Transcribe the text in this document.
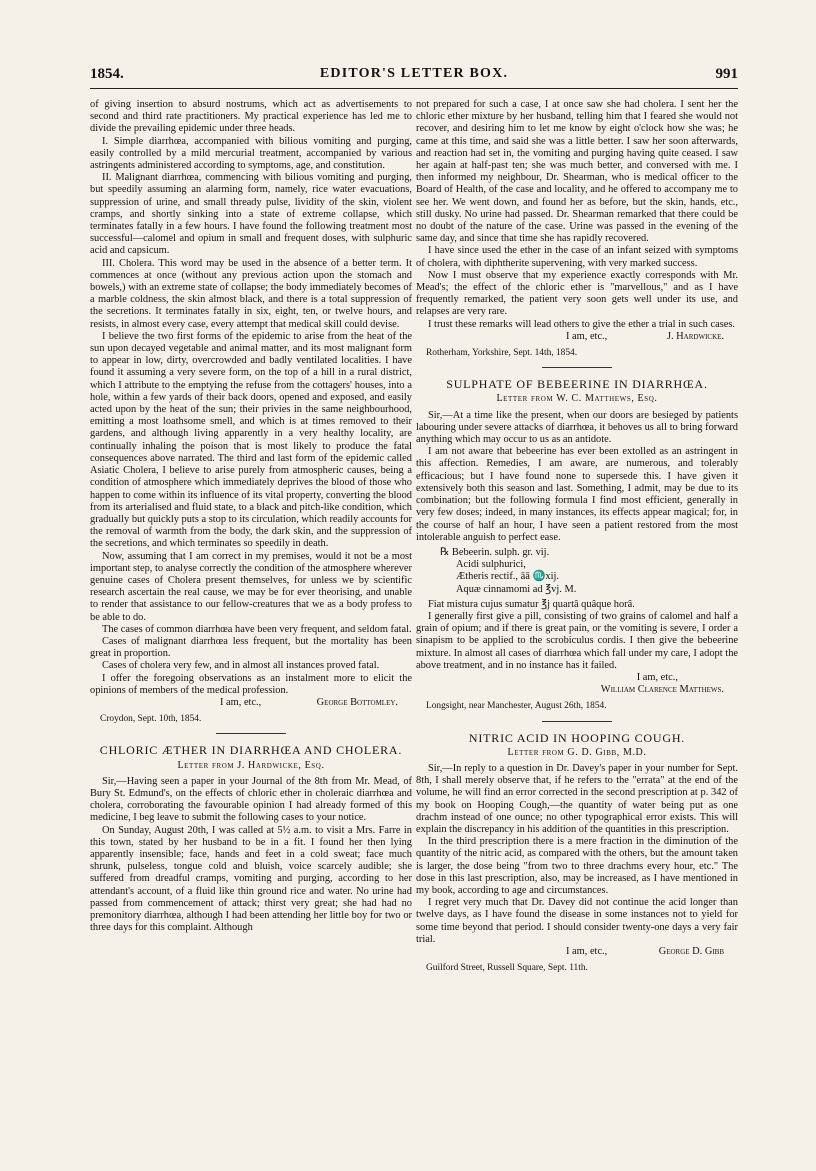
1854.	EDITOR'S LETTER BOX.	991

of giving insertion to absurd nostrums, which act as advertisements to second and third rate practitioners. My practical experience has led me to divide the prevailing epidemic under three heads.

I. Simple diarrhœa, accompanied with bilious vomiting and purging, easily controlled by a mild mercurial treatment, accompanied by various astringents administered according to symptoms, age, and constitution.

II. Malignant diarrhœa, commencing with bilious vomiting and purging, but speedily assuming an alarming form, namely, rice water evacuations, suppression of urine, and small thready pulse, lividity of the skin, violent cramps, and shortly sinking into a state of extreme collapse, which terminates fatally in a few hours. I have found the following treatment most successful—calomel and opium in small and frequent doses, with sulphuric acid and capsicum.

III. Cholera. This word may be used in the absence of a better term. It commences at once (without any previous action upon the stomach and bowels,) with an extreme state of collapse; the body immediately becomes of a marble coldness, the skin almost black, and there is a total suppression of the secretions. It terminates fatally in six, eight, ten, or twelve hours, and resists, in almost every case, every attempt that medical skill could devise.

I believe the two first forms of the epidemic to arise from the heat of the sun upon decayed vegetable and animal matter, and its most malignant form to appear in low, dirty, overcrowded and badly ventilated localities. I have found it assuming a very severe form, on the top of a hill in a rural district, which I attribute to the emptying the refuse from the cottagers' houses, into a hole, within a few yards of their back doors, opened and exposed, and easily acted upon by the heat of the sun; their privies in the same neighbourhood, emitting a most loathsome smell, and which is at times removed to their gardens, and although living apparently in a very healthy locality, are continually inhaling the poison that is most likely to produce the fatal consequences above narrated. The third and last form of the epidemic called Asiatic Cholera, I believe to arise purely from atmospheric causes, being a condition of atmosphere which immediately deprives the blood of those who happen to come within its influence of its vital property, converting the blood from its arterialised and fluid state, to a black and pitch-like condition, which gradually but quickly puts a stop to its circulation, which readily accounts for the removal of warmth from the body, the dark skin, and the suppression of the secretions, and which terminates so speedily in death.

Now, assuming that I am correct in my premises, would it not be a most important step, to analyse correctly the condition of the atmosphere wherever genuine cases of Cholera present themselves, for unless we by scientific research ascertain the real cause, we may be for ever theorising, and unable to render that assistance to our fellow-creatures that we as a body profess to be able to do.

The cases of common diarrhœa have been very frequent, and seldom fatal.

Cases of malignant diarrhœa less frequent, but the mortality has been great in proportion.

Cases of cholera very few, and in almost all instances proved fatal.

I offer the foregoing observations as an instalment more to elicit the opinions of members of the medical profession.

I am, etc.,	George Bottomley.
Croydon, Sept. 10th, 1854.
CHLORIC ÆTHER IN DIARRHŒA AND CHOLERA.
Letter from J. Hardwicke, Esq.

Sir,—Having seen a paper in your Journal of the 8th from Mr. Mead, of Bury St. Edmund's, on the effects of chloric ether in choleraic diarrhœa and cholera, corroborating the favourable opinion I had already formed of this medicine, I beg leave to submit the following cases to your notice.

On Sunday, August 20th, I was called at 5½ a.m. to visit a Mrs. Farre in this town, stated by her husband to be in a fit. I found her then lying apparently insensible; face, hands and feet in a cold sweat; face much shrunk, pulseless, tongue cold and bluish, voice scarcely audible; she suffered from dreadful cramps, vomiting and purging, according to her attendant's account, of a fluid like thin ground rice and water. No urine had passed from commencement of attack; thirst very great; she had had no premonitory diarrhœa, although I had been attending her little boy for two or three days for this complaint. Although

not prepared for such a case, I at once saw she had cholera. I sent her the chloric ether mixture by her husband, telling him that I feared she would not recover, and desiring him to let me know by eight o'clock how she was; he came at this time, and said she was a little better. I saw her soon afterwards, and reaction had set in, the vomiting and purging having quite ceased. I saw her again at half-past ten; she was much better, and conversed with me. I then informed my neighbour, Dr. Shearman, who is medical officer to the Board of Health, of the case and locality, and he offered to accompany me to see her. We went down, and found her as before, but the skin, hands, etc., still dusky. No urine had passed. Dr. Shearman remarked that there could be no doubt of the nature of the case. Urine was passed in the evening of the same day, and since that time she has rapidly recovered.

I have since used the ether in the case of an infant seized with symptoms of cholera, with diphtherite supervening, with very marked success.

Now I must observe that my experience exactly corresponds with Mr. Mead's; the effect of the chloric ether is "marvellous," and as I have frequently remarked, the patient very soon gets well under its use, and relapses are very rare.

I trust these remarks will lead others to give the ether a trial in such cases.

I am, etc.,	J. Hardwicke.
Rotherham, Yorkshire, Sept. 14th, 1854.
SULPHATE OF BEBEERINE IN DIARRHŒA.
Letter from W. C. Matthews, Esq.

Sir,—At a time like the present, when our doors are besieged by patients labouring under severe attacks of diarrhœa, it behoves us all to bring forward anything which may occur to us as an antidote.

I am not aware that bebeerine has ever been extolled as an astringent in this affection. Remedies, I am aware, are numerous, and tolerably efficacious; but I have found none to supersede this. I have given it extensively both this season and last. Something, I admit, may be due to its combination; but the following formula I find most efficient, generally in very few doses; indeed, in many instances, its effects appear magical; for, in the course of half an hour, I have seen a patient restored from the most intolerable anguish to perfect ease.

℞ Bebeerin. sulph. gr. vij.
Acidi sulphurici,
Ætheris rectif., āā ♏xij.
Aquæ cinnamomi ad ℥vj. M.

Fiat mistura cujus sumatur ℥j quartâ quâque horâ.

I generally first give a pill, consisting of two grains of calomel and half a grain of opium; and if there is great pain, or the vomiting is severe, I order a sinapism to be applied to the scrobiculus cordis. I then give the bebeerine mixture. In almost all cases of diarrhœa which fall under my care, I adopt the above treatment, and in no instance has it failed.

I am, etc.,
William Clarence Matthews.
Longsight, near Manchester, August 26th, 1854.
NITRIC ACID IN HOOPING COUGH.
Letter from G. D. Gibb, M.D.

Sir,—In reply to a question in Dr. Davey's paper in your number for Sept. 8th, I shall merely observe that, if he refers to the "errata" at the end of the volume, he will find an error corrected in the second prescription at p. 342 of my book on Hooping Cough,—the quantity of water being put as one drachm instead of one ounce; no other typographical error exists. This will explain the discrepancy in his addition of the quantities in this prescription.

In the third prescription there is a mere fraction in the diminution of the quantity of the nitric acid, as compared with the others, but the amount taken is larger, the dose being "from two to three drachms every hour, etc." The dose in this last prescription, also, may be increased, as I have mentioned in my book, according to age and circumstances.

I regret very much that Dr. Davey did not continue the acid longer than twelve days, as I have found the disease in some instances not to yield for some time beyond that period. I should consider twenty-one days a very fair trial.

I am, etc.,	George D. Gibb
Guilford Street, Russell Square, Sept. 11th.
